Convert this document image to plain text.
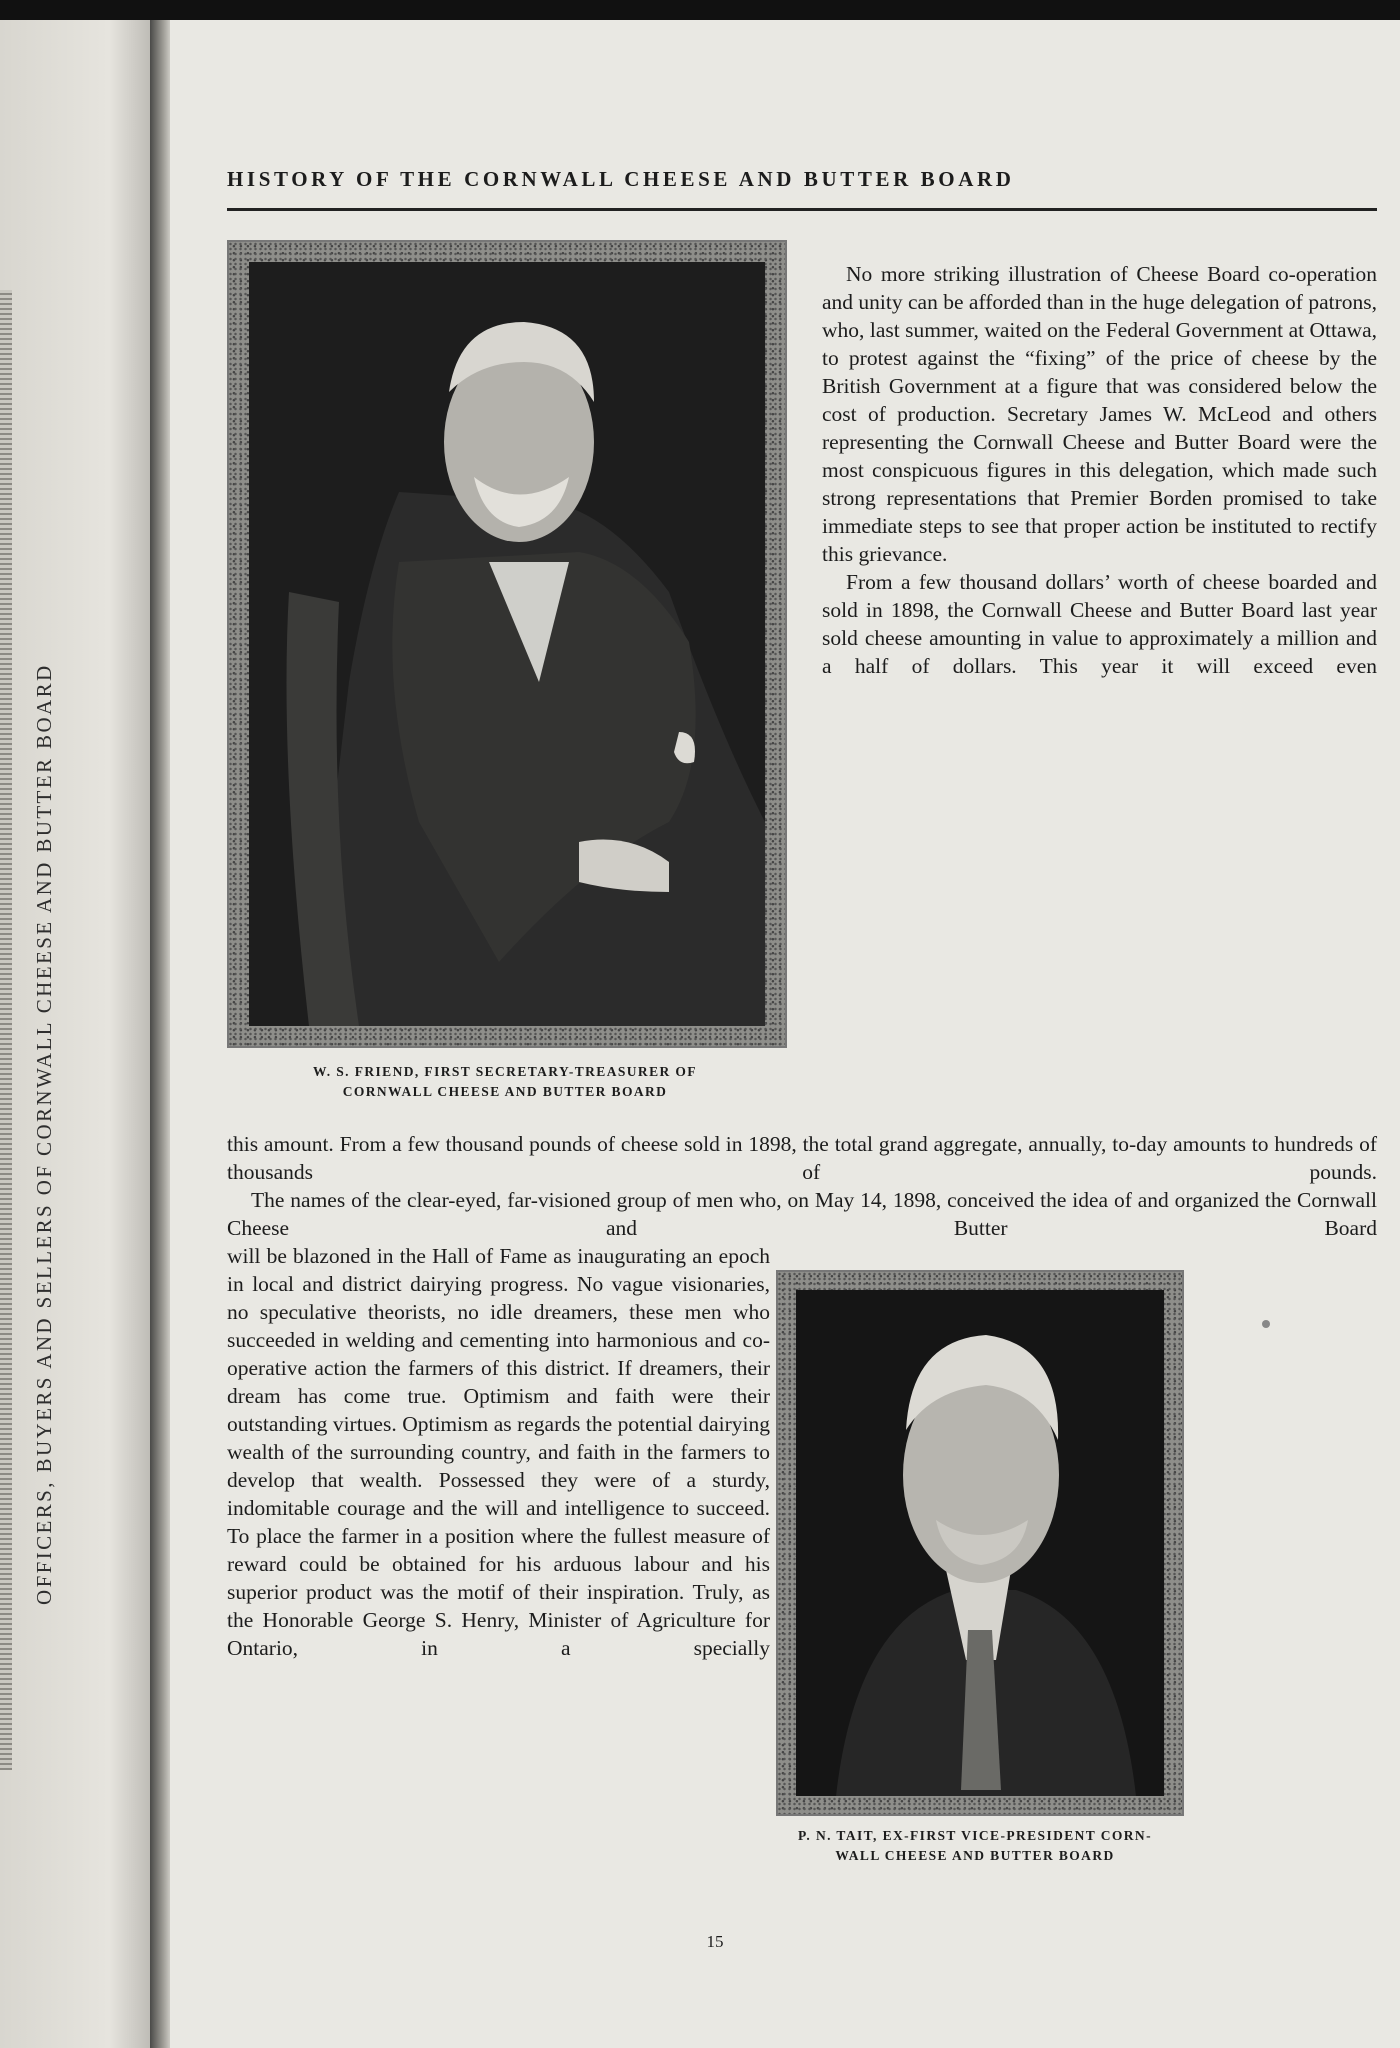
OFFICERS, BUYERS AND SELLERS OF CORNWALL CHEESE AND BUTTER BOARD
HISTORY OF THE CORNWALL CHEESE AND BUTTER BOARD
W. S. FRIEND, FIRST SECRETARY-TREASURER OF
CORNWALL CHEESE AND BUTTER BOARD

No more striking illustration of Cheese Board co-operation and unity can be afforded than in the huge delegation of patrons, who, last summer, waited on the Federal Government at Ottawa, to protest against the “fixing” of the price of cheese by the British Government at a figure that was considered below the cost of production. Secretary James W. McLeod and others representing the Cornwall Cheese and Butter Board were the most conspicuous figures in this delegation, which made such strong representations that Premier Borden promised to take immediate steps to see that proper action be instituted to rectify this grievance.

From a few thousand dollars’ worth of cheese boarded and sold in 1898, the Cornwall Cheese and Butter Board last year sold cheese amounting in value to approximately a million and a half of dollars. This year it will exceed even

this amount. From a few thousand pounds of cheese sold in 1898, the total grand aggregate, annually, to-day amounts to hundreds of thousands of pounds.

The names of the clear-eyed, far-visioned group of men who, on May 14, 1898, conceived the idea of and organized the Cornwall Cheese and Butter Board

will be blazoned in the Hall of Fame as inaugurating an epoch in local and district dairying progress. No vague visionaries, no speculative theorists, no idle dreamers, these men who succeeded in welding and cementing into harmonious and co-operative action the farmers of this district. If dreamers, their dream has come true. Optimism and faith were their outstanding virtues. Optimism as regards the potential dairying wealth of the surrounding country, and faith in the farmers to develop that wealth. Possessed they were of a sturdy, indomitable courage and the will and intelligence to succeed. To place the farmer in a position where the fullest measure of reward could be obtained for his arduous labour and his superior product was the motif of their inspiration. Truly, as the Honorable George S. Henry, Minister of Agriculture for Ontario, in a specially

P. N. TAIT, EX-FIRST VICE-PRESIDENT CORN-
WALL CHEESE AND BUTTER BOARD
15
